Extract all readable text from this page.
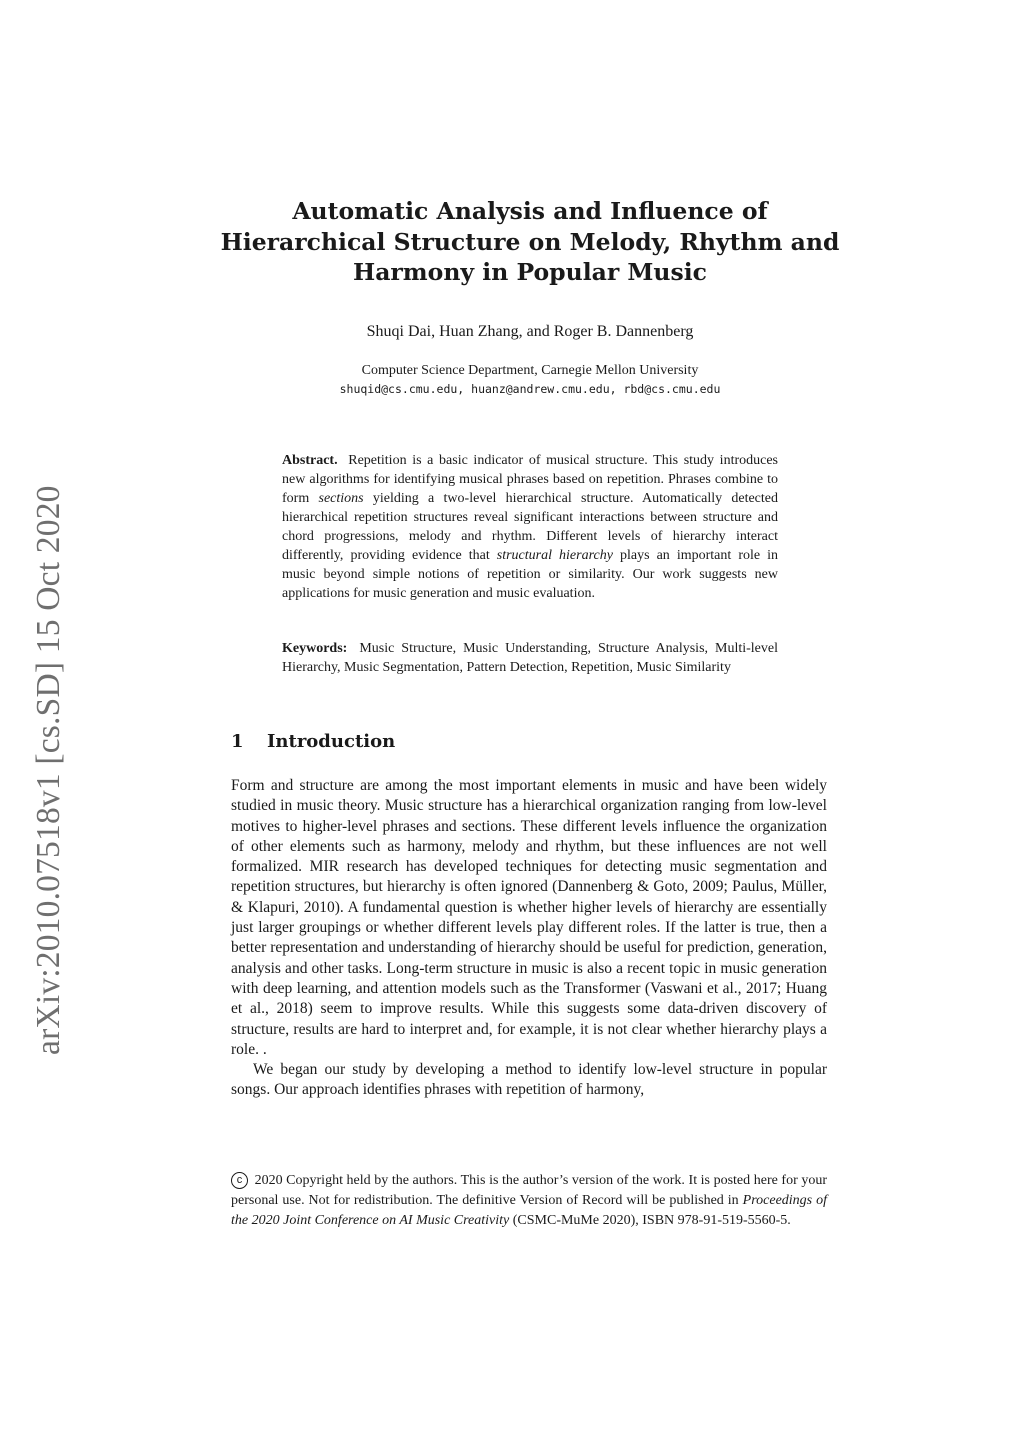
arXiv:2010.07518v1 [cs.SD] 15 Oct 2020
Automatic Analysis and Influence of
Hierarchical Structure on Melody, Rhythm and
Harmony in Popular Music
Shuqi Dai, Huan Zhang, and Roger B. Dannenberg
Computer Science Department, Carnegie Mellon University
shuqid@cs.cmu.edu, huanz@andrew.cmu.edu, rbd@cs.cmu.edu
Abstract. Repetition is a basic indicator of musical structure. This study introduces new algorithms for identifying musical phrases based on repetition. Phrases combine to form sections yielding a two-level hierarchical structure. Automatically detected hierarchical repetition structures reveal significant interactions between structure and chord progressions, melody and rhythm. Different levels of hierarchy interact differently, providing evidence that structural hierarchy plays an important role in music beyond simple notions of repetition or similarity. Our work suggests new applications for music generation and music evaluation.
Keywords: Music Structure, Music Understanding, Structure Analysis, Multi-level Hierarchy, Music Segmentation, Pattern Detection, Repetition, Music Similarity
1 Introduction

Form and structure are among the most important elements in music and have been widely studied in music theory. Music structure has a hierarchical organization ranging from low-level motives to higher-level phrases and sections. These different levels influence the organization of other elements such as harmony, melody and rhythm, but these influences are not well formalized. MIR research has developed techniques for detecting music segmentation and repetition structures, but hierarchy is often ignored (Dannenberg & Goto, 2009; Paulus, Müller, & Klapuri, 2010). A fundamental question is whether higher levels of hierarchy are essentially just larger groupings or whether different levels play different roles. If the latter is true, then a better representation and understanding of hierarchy should be useful for prediction, generation, analysis and other tasks. Long-term structure in music is also a recent topic in music generation with deep learning, and attention models such as the Transformer (Vaswani et al., 2017; Huang et al., 2018) seem to improve results. While this suggests some data-driven discovery of structure, results are hard to interpret and, for example, it is not clear whether hierarchy plays a role. .

We began our study by developing a method to identify low-level structure in popular songs. Our approach identifies phrases with repetition of harmony,

c 2020 Copyright held by the authors. This is the author’s version of the work. It is posted here for your personal use. Not for redistribution. The definitive Version of Record will be published in Proceedings of the 2020 Joint Conference on AI Music Creativity (CSMC-MuMe 2020), ISBN 978-91-519-5560-5.
